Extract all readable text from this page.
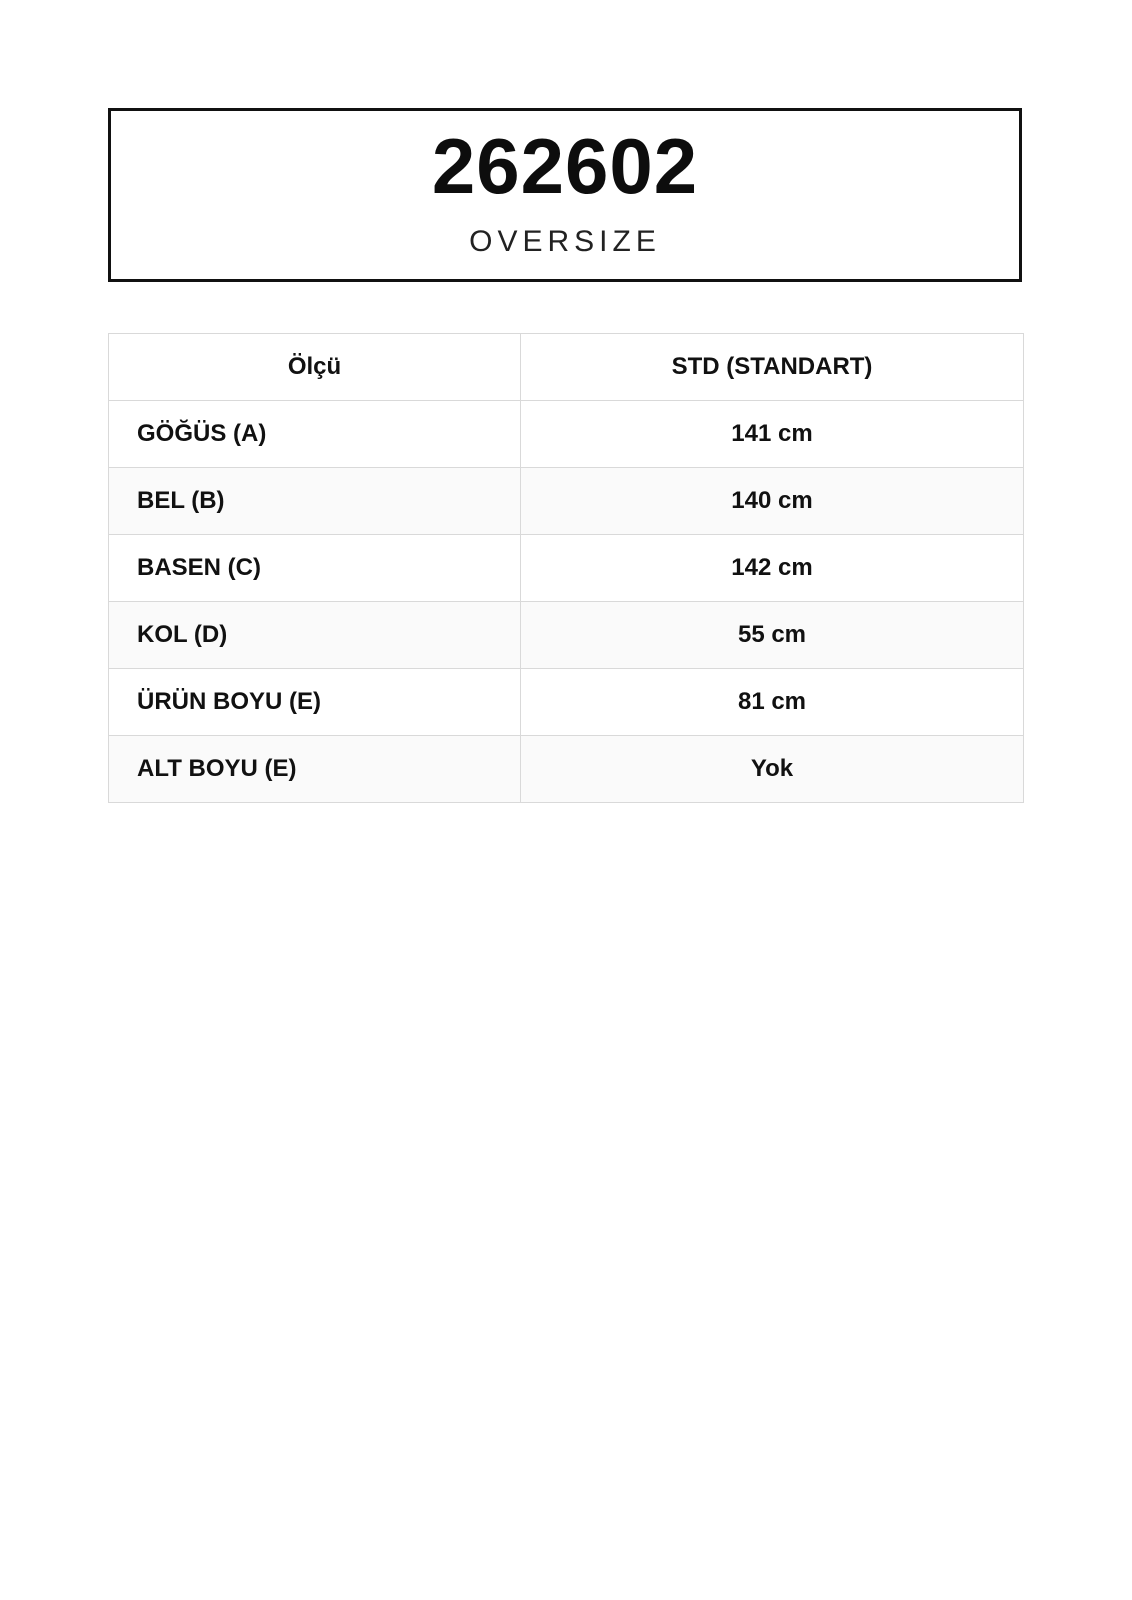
262602
OVERSIZE
Ölçü	STD (STANDART)
GÖĞÜS (A)	141 cm
BEL (B)	140 cm
BASEN (C)	142 cm
KOL (D)	55 cm
ÜRÜN BOYU (E)	81 cm
ALT BOYU (E)	Yok
